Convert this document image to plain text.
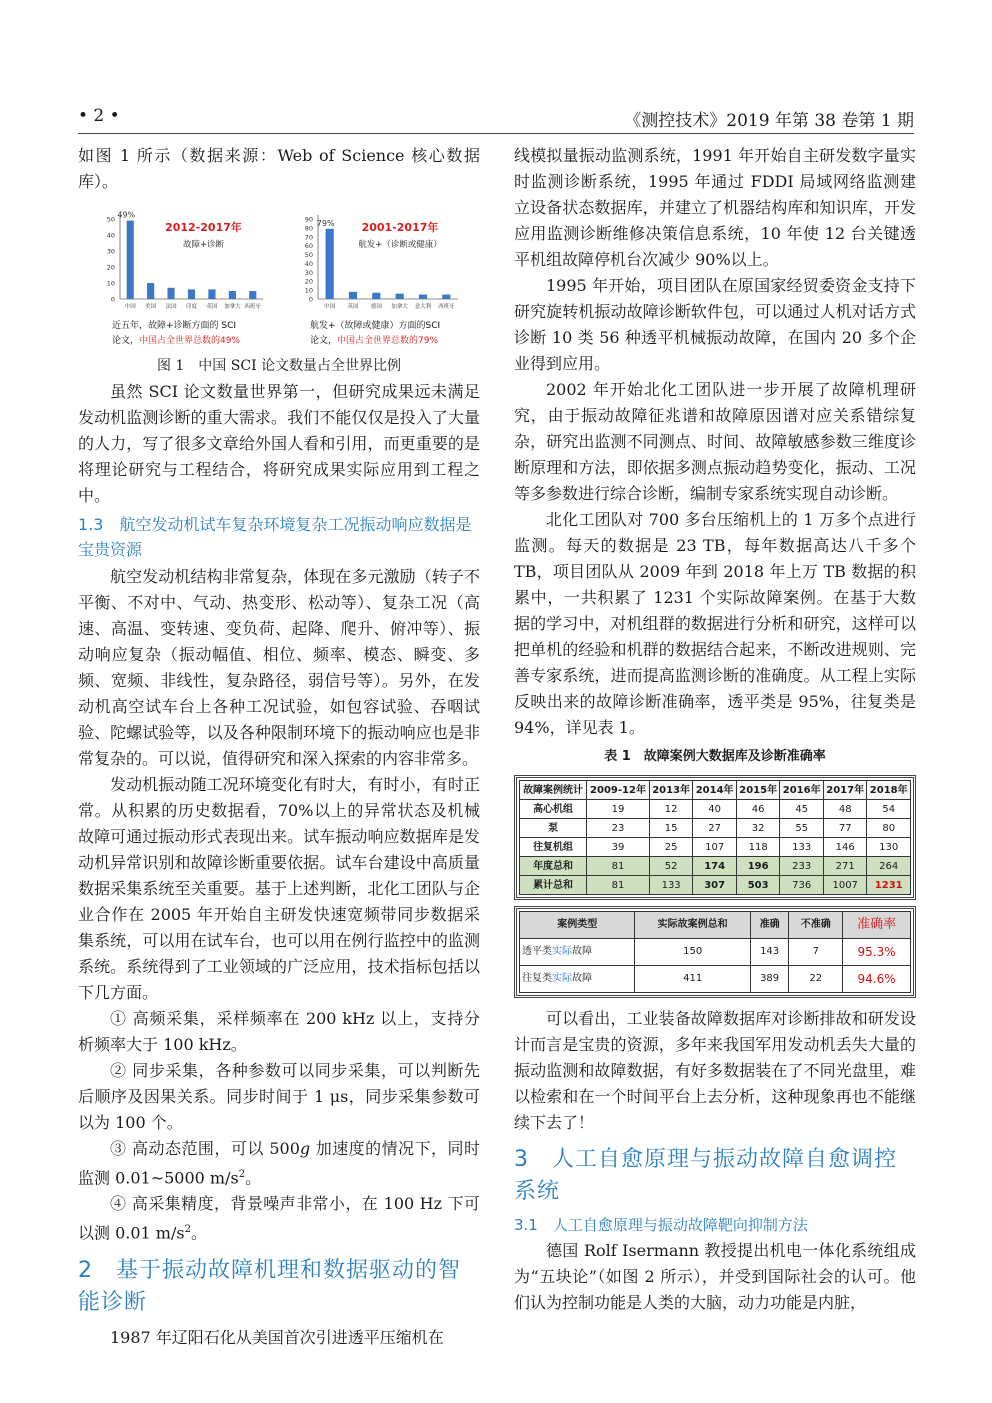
• 2 •	《测控技术》2019 年第 38 卷第 1 期

如图 1 所示（数据来源：Web of Science 核心数据库）。

0
10
20
30
40
50
中国 美国 法国 印度 英国 加拿大 西班牙
49%
2012-2017年
故障+诊断
近五年，故障+诊断方面的 SCI
论文，中国占全世界总数的49%
0
10
20
30
40
50
60
70
80
90
中国 英国 德国 加拿大 意大利 西班牙
79% 2001-2017年
航发+（诊断或健康）
航发+（故障或健康）方面的SCI
论文，中国占全世界总数的79%
图 1　中国 SCI 论文数量占全世界比例

虽然 SCI 论文数量世界第一，但研究成果远未满足发动机监测诊断的重大需求。我们不能仅仅是投入了大量的人力，写了很多文章给外国人看和引用，而更重要的是将理论研究与工程结合，将研究成果实际应用到工程之中。

1.3　航空发动机试车复杂环境复杂工况振动响应数据是宝贵资源

航空发动机结构非常复杂，体现在多元激励（转子不平衡、不对中、气动、热变形、松动等）、复杂工况（高速、高温、变转速、变负荷、起降、爬升、俯冲等）、振动响应复杂（振动幅值、相位、频率、模态、瞬变、多频、宽频、非线性，复杂路径，弱信号等）。另外，在发动机高空试车台上各种工况试验，如包容试验、吞咽试验、陀螺试验等，以及各种限制环境下的振动响应也是非常复杂的。可以说，值得研究和深入探索的内容非常多。

发动机振动随工况环境变化有时大，有时小，有时正常。从积累的历史数据看，70%以上的异常状态及机械故障可通过振动形式表现出来。试车振动响应数据库是发动机异常识别和故障诊断重要依据。试车台建设中高质量数据采集系统至关重要。基于上述判断，北化工团队与企业合作在 2005 年开始自主研发快速宽频带同步数据采集系统，可以用在试车台，也可以用在例行监控中的监测系统。系统得到了工业领域的广泛应用，技术指标包括以下几方面。

① 高频采集，采样频率在 200 kHz 以上，支持分析频率大于 100 kHz。

② 同步采集，各种参数可以同步采集，可以判断先后顺序及因果关系。同步时间于 1 μs，同步采集参数可以为 100 个。

③ 高动态范围，可以 500g 加速度的情况下，同时监测 0.01~5000 $m/s^2$。

④ 高采集精度，背景噪声非常小，在 100 Hz 下可以测 0.01 $m/s^2$。

2　基于振动故障机理和数据驱动的智能诊断

1987 年辽阳石化从美国首次引进透平压缩机在

线模拟量振动监测系统，1991 年开始自主研发数字量实时监测诊断系统，1995 年通过 FDDI 局域网络监测建立设备状态数据库，并建立了机器结构库和知识库，开发应用监测诊断维修决策信息系统，10 年使 12 台关键透平机组故障停机台次减少 90%以上。

1995 年开始，项目团队在原国家经贸委资金支持下研究旋转机振动故障诊断软件包，可以通过人机对话方式诊断 10 类 56 种透平机械振动故障，在国内 20 多个企业得到应用。

2002 年开始北化工团队进一步开展了故障机理研究，由于振动故障征兆谱和故障原因谱对应关系错综复杂，研究出监测不同测点、时间、故障敏感参数三维度诊断原理和方法，即依据多测点振动趋势变化，振动、工况等多参数进行综合诊断，编制专家系统实现自动诊断。

北化工团队对 700 多台压缩机上的 1 万多个点进行监测。每天的数据是 23 TB，每年数据高达八千多个 TB，项目团队从 2009 年到 2018 年上万 TB 数据的积累中，一共积累了 1231 个实际故障案例。在基于大数据的学习中，对机组群的数据进行分析和研究，这样可以把单机的经验和机群的数据结合起来，不断改进规则、完善专家系统，进而提高监测诊断的准确度。从工程上实际反映出来的故障诊断准确率，透平类是 95%，往复类是 94%，详见表 1。

表 1　故障案例大数据库及诊断准确率
故障案例统计	2009-12年	2013年	2014年	2015年	2016年	2017年	2018年
高心机组	19	12	40	46	45	48	54
泵	23	15	27	32	55	77	80
往复机组	39	25	107	118	133	146	130
年度总和	81	52	174	196	233	271	264
累计总和	81	133	307	503	736	1007	1231
案例类型	实际故案例总和	准确	不准确	准确率
透平类实际故障	150	143	7	95.3%
往复类实际故障	411	389	22	94.6%

可以看出，工业装备故障数据库对诊断排故和研发设计而言是宝贵的资源，多年来我国军用发动机丢失大量的振动监测和故障数据，有好多数据装在了不同光盘里，难以检索和在一个时间平台上去分析，这种现象再也不能继续下去了！

3　人工自愈原理与振动故障自愈调控系统
3.1　人工自愈原理与振动故障靶向抑制方法

德国 Rolf Isermann 教授提出机电一体化系统组成为“五块论”（如图 2 所示），并受到国际社会的认可。他们认为控制功能是人类的大脑，动力功能是内脏，
